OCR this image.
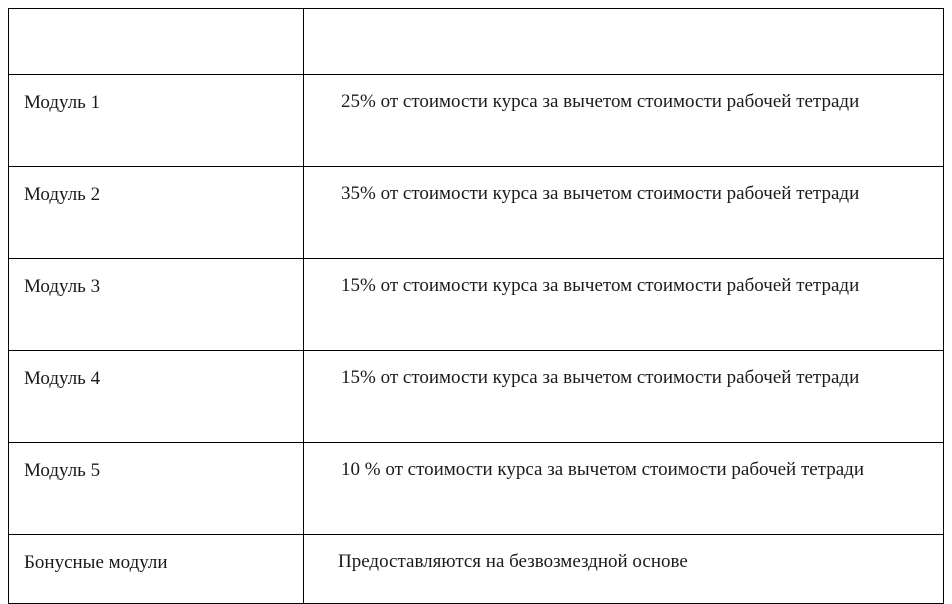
Модуль 1	25% от стоимости курса за вычетом стоимости рабочей тетради
Модуль 2	35% от стоимости курса за вычетом стоимости рабочей тетради
Модуль 3	15% от стоимости курса за вычетом стоимости рабочей тетради
Модуль 4	15% от стоимости курса за вычетом стоимости рабочей тетради
Модуль 5	10 % от стоимости курса за вычетом стоимости рабочей тетради
Бонусные модули	Предоставляются на безвозмездной основе
